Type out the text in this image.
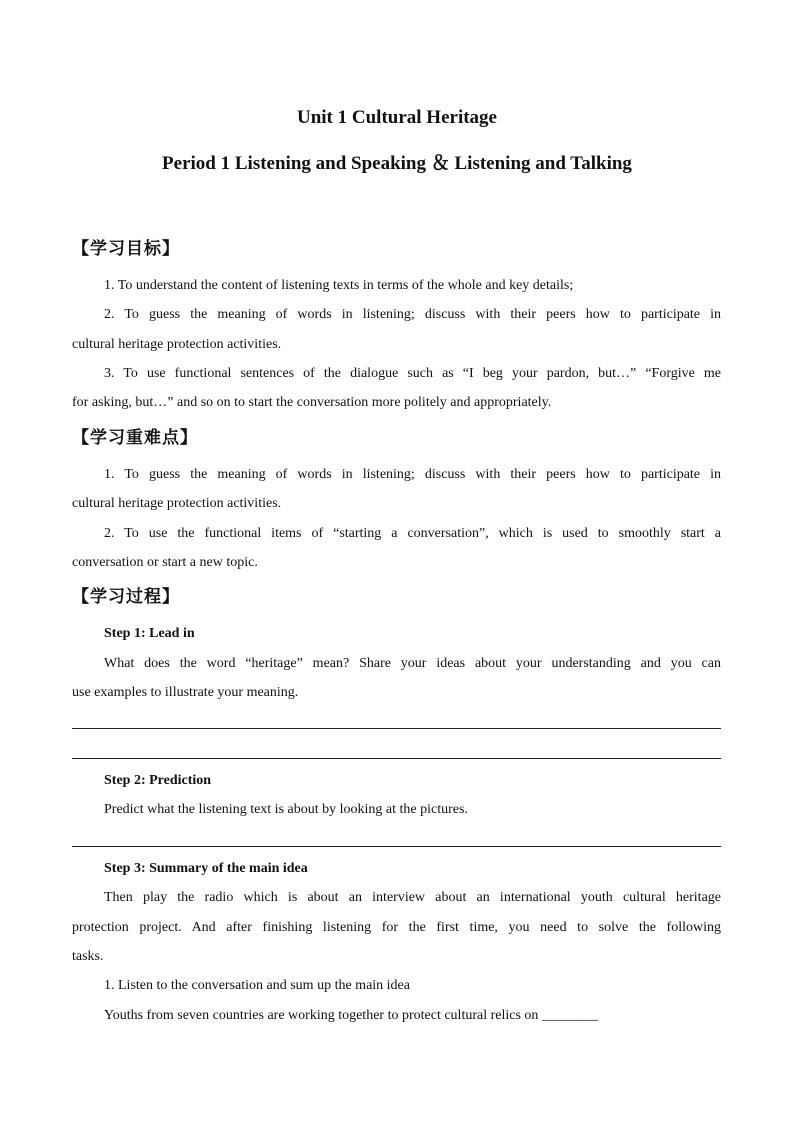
Unit 1 Cultural Heritage
Period 1 Listening and Speaking ＆ Listening and Talking
【学习目标】
1. To understand the content of listening texts in terms of the whole and key details;
2. To guess the meaning of words in listening; discuss with their peers how to participate in
cultural heritage protection activities.
3. To use functional sentences of the dialogue such as “I beg your pardon, but…” “Forgive me
for asking, but…” and so on to start the conversation more politely and appropriately.
【学习重难点】
1. To guess the meaning of words in listening; discuss with their peers how to participate in
cultural heritage protection activities.
2. To use the functional items of “starting a conversation”, which is used to smoothly start a
conversation or start a new topic.
【学习过程】
Step 1: Lead in
What does the word “heritage” mean? Share your ideas about your understanding and you can
use examples to illustrate your meaning.
Step 2: Prediction
Predict what the listening text is about by looking at the pictures.
Step 3: Summary of the main idea
Then play the radio which is about an interview about an international youth cultural heritage
protection project. And after finishing listening for the first time, you need to solve the following
tasks.
1. Listen to the conversation and sum up the main idea
Youths from seven countries are working together to protect cultural relics on ________
